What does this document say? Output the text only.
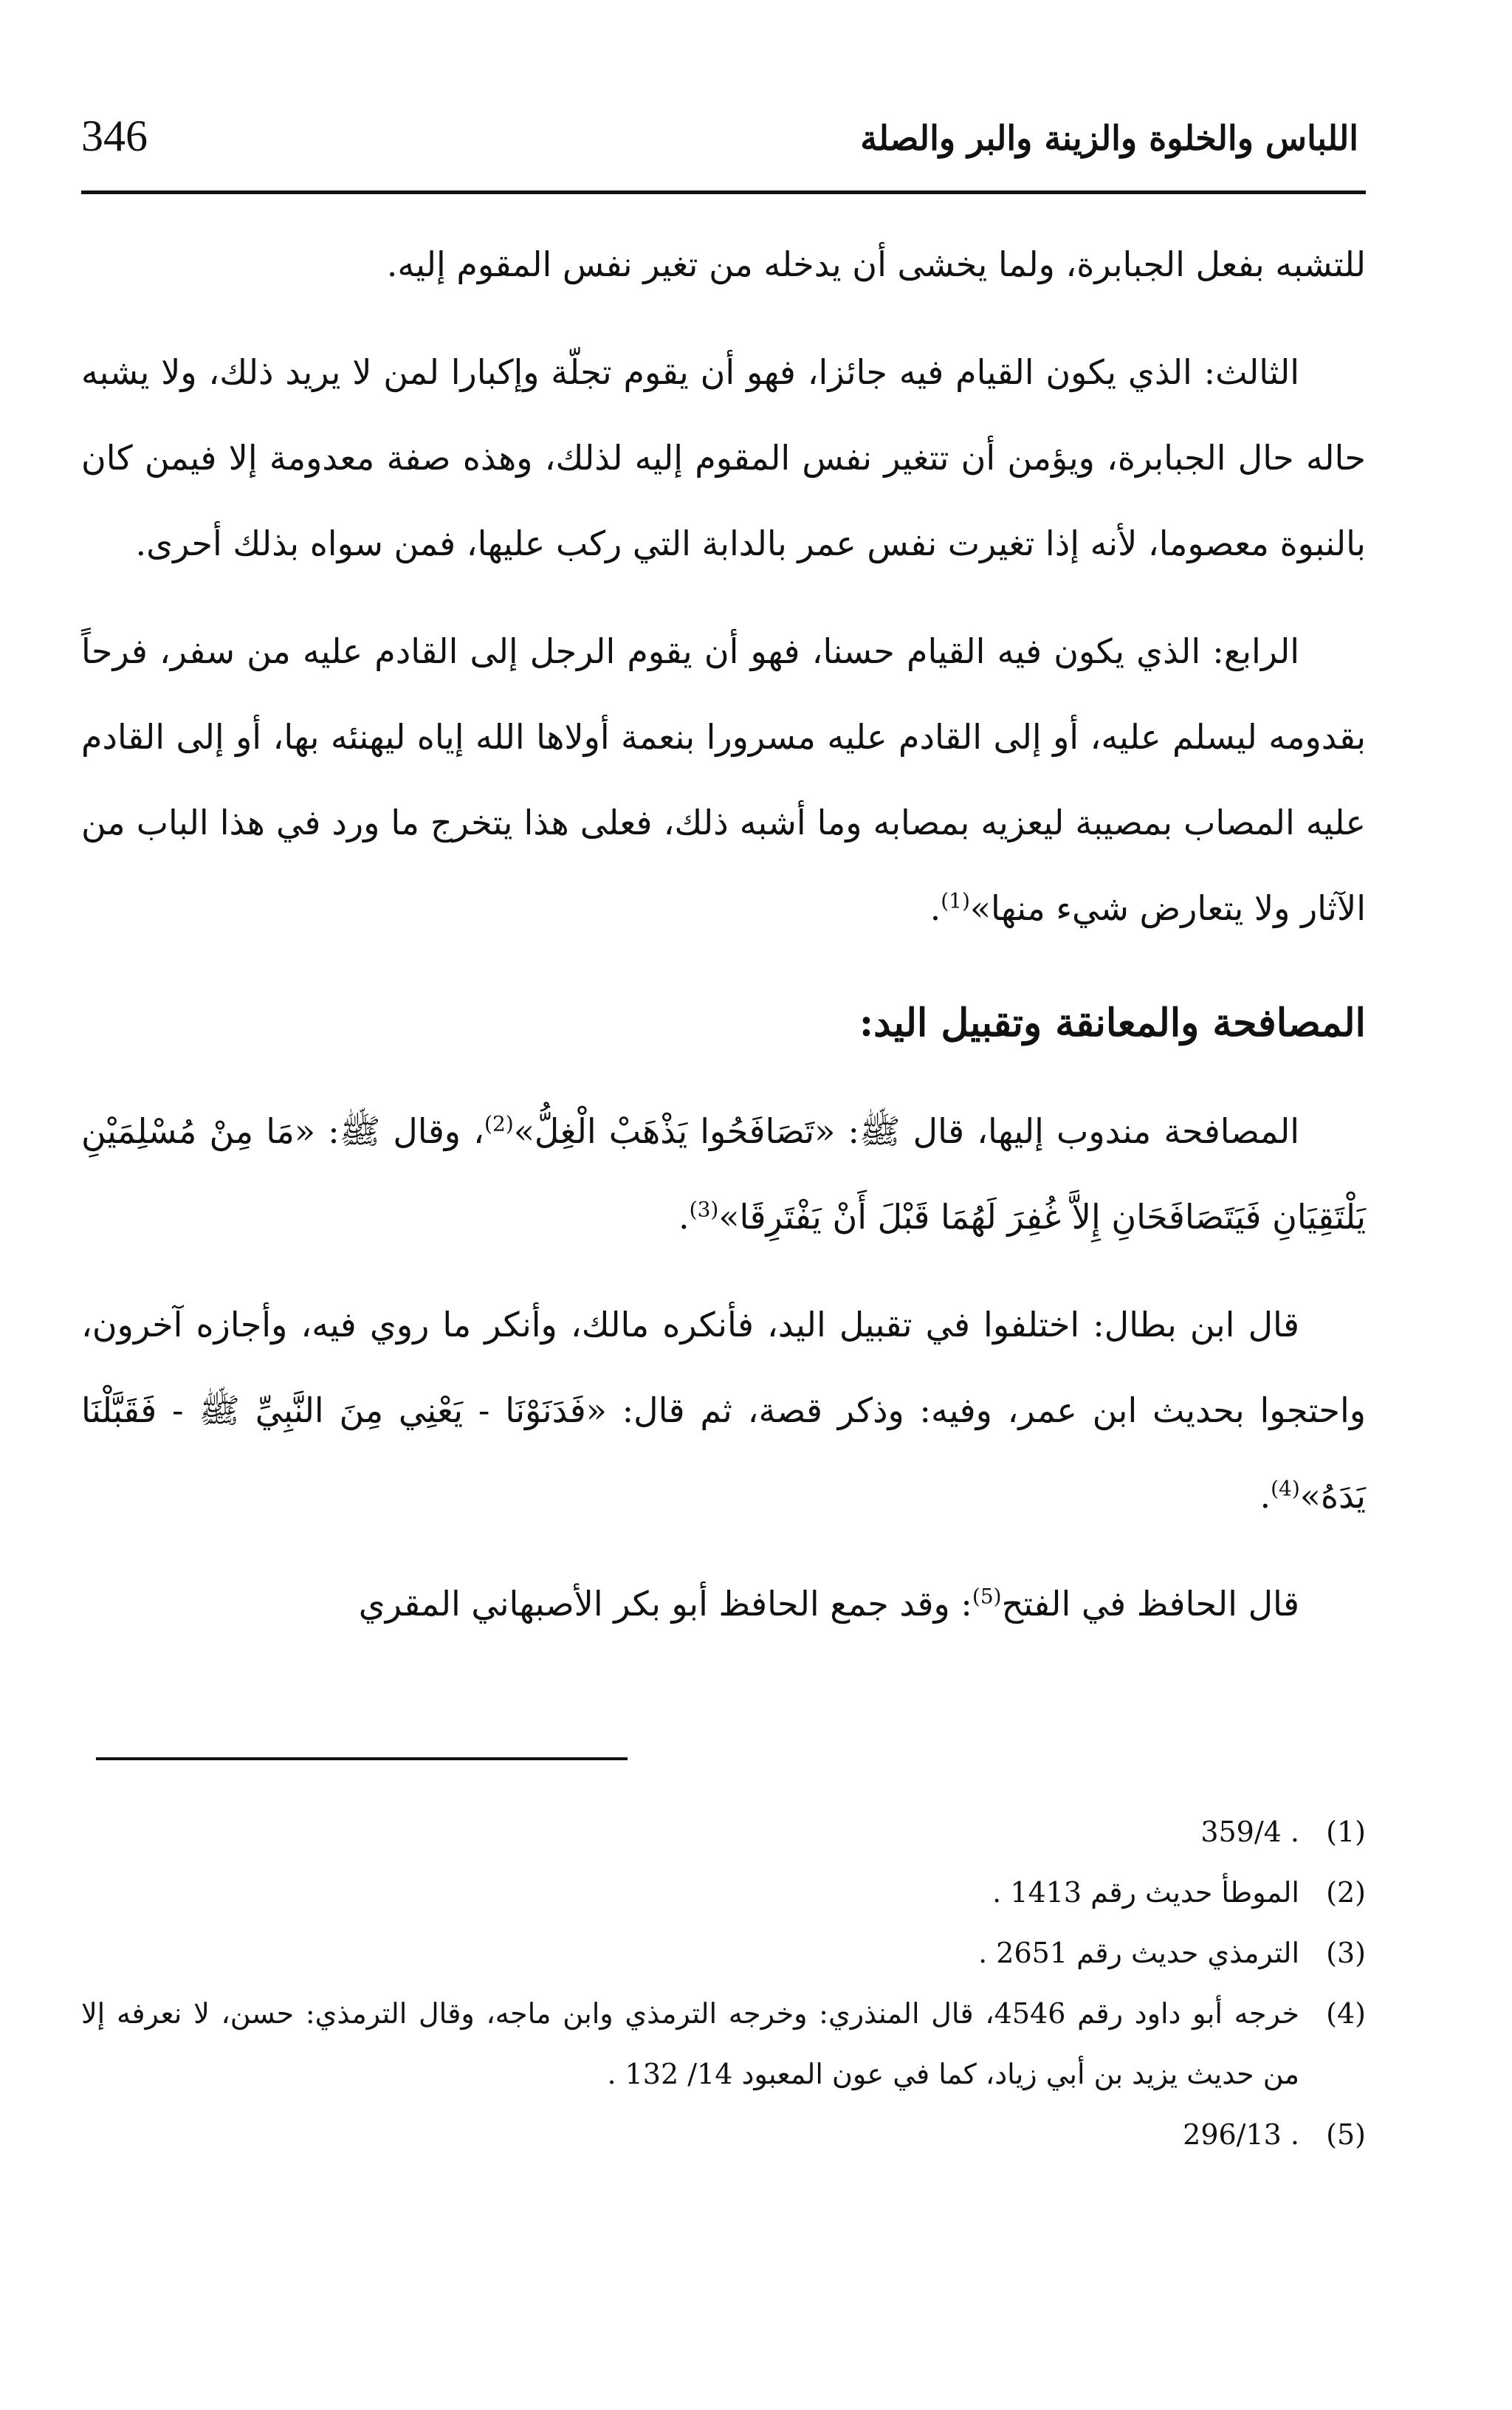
اللباس والخلوة والزينة والبر والصلة
346

للتشبه بفعل الجبابرة، ولما يخشى أن يدخله من تغير نفس المقوم إليه.

الثالث: الذي يكون القيام فيه جائزا، فهو أن يقوم تجلّة وإكبارا لمن لا يريد ذلك، ولا يشبه حاله حال الجبابرة، ويؤمن أن تتغير نفس المقوم إليه لذلك، وهذه صفة معدومة إلا فيمن كان بالنبوة معصوما، لأنه إذا تغيرت نفس عمر بالدابة التي ركب عليها، فمن سواه بذلك أحرى.

الرابع: الذي يكون فيه القيام حسنا، فهو أن يقوم الرجل إلى القادم عليه من سفر، فرحاً بقدومه ليسلم عليه، أو إلى القادم عليه مسرورا بنعمة أولاها الله إياه ليهنئه بها، أو إلى القادم عليه المصاب بمصيبة ليعزيه بمصابه وما أشبه ذلك، فعلى هذا يتخرج ما ورد في هذا الباب من الآثار ولا يتعارض شيء منها»$^{(1)}$.

المصافحة والمعانقة وتقبيل اليد:

المصافحة مندوب إليها، قال ﷺ: «تَصَافَحُوا يَذْهَبْ الْغِلُّ»$^{(2)}$، وقال ﷺ: «مَا مِنْ مُسْلِمَيْنِ يَلْتَقِيَانِ فَيَتَصَافَحَانِ إِلاَّ غُفِرَ لَهُمَا قَبْلَ أَنْ يَفْتَرِقَا»$^{(3)}$.

قال ابن بطال: اختلفوا في تقبيل اليد، فأنكره مالك، وأنكر ما روي فيه، وأجازه آخرون، واحتجوا بحديث ابن عمر، وفيه: وذكر قصة، ثم قال: «فَدَنَوْنَا - يَعْنِي مِنَ النَّبِيِّ ﷺ - فَقَبَّلْنَا يَدَهُ»$^{(4)}$.

قال الحافظ في الفتح$^{(5)}$: وقد جمع الحافظ أبو بكر الأصبهاني المقري

(1)
. 359/4
(2)
الموطأ حديث رقم 1413 .
(3)
الترمذي حديث رقم 2651 .
(4)
خرجه أبو داود رقم 4546، قال المنذري: وخرجه الترمذي وابن ماجه، وقال الترمذي: حسن، لا نعرفه إلا من حديث يزيد بن أبي زياد، كما في عون المعبود 14/ 132 .
(5)
. 296/13
